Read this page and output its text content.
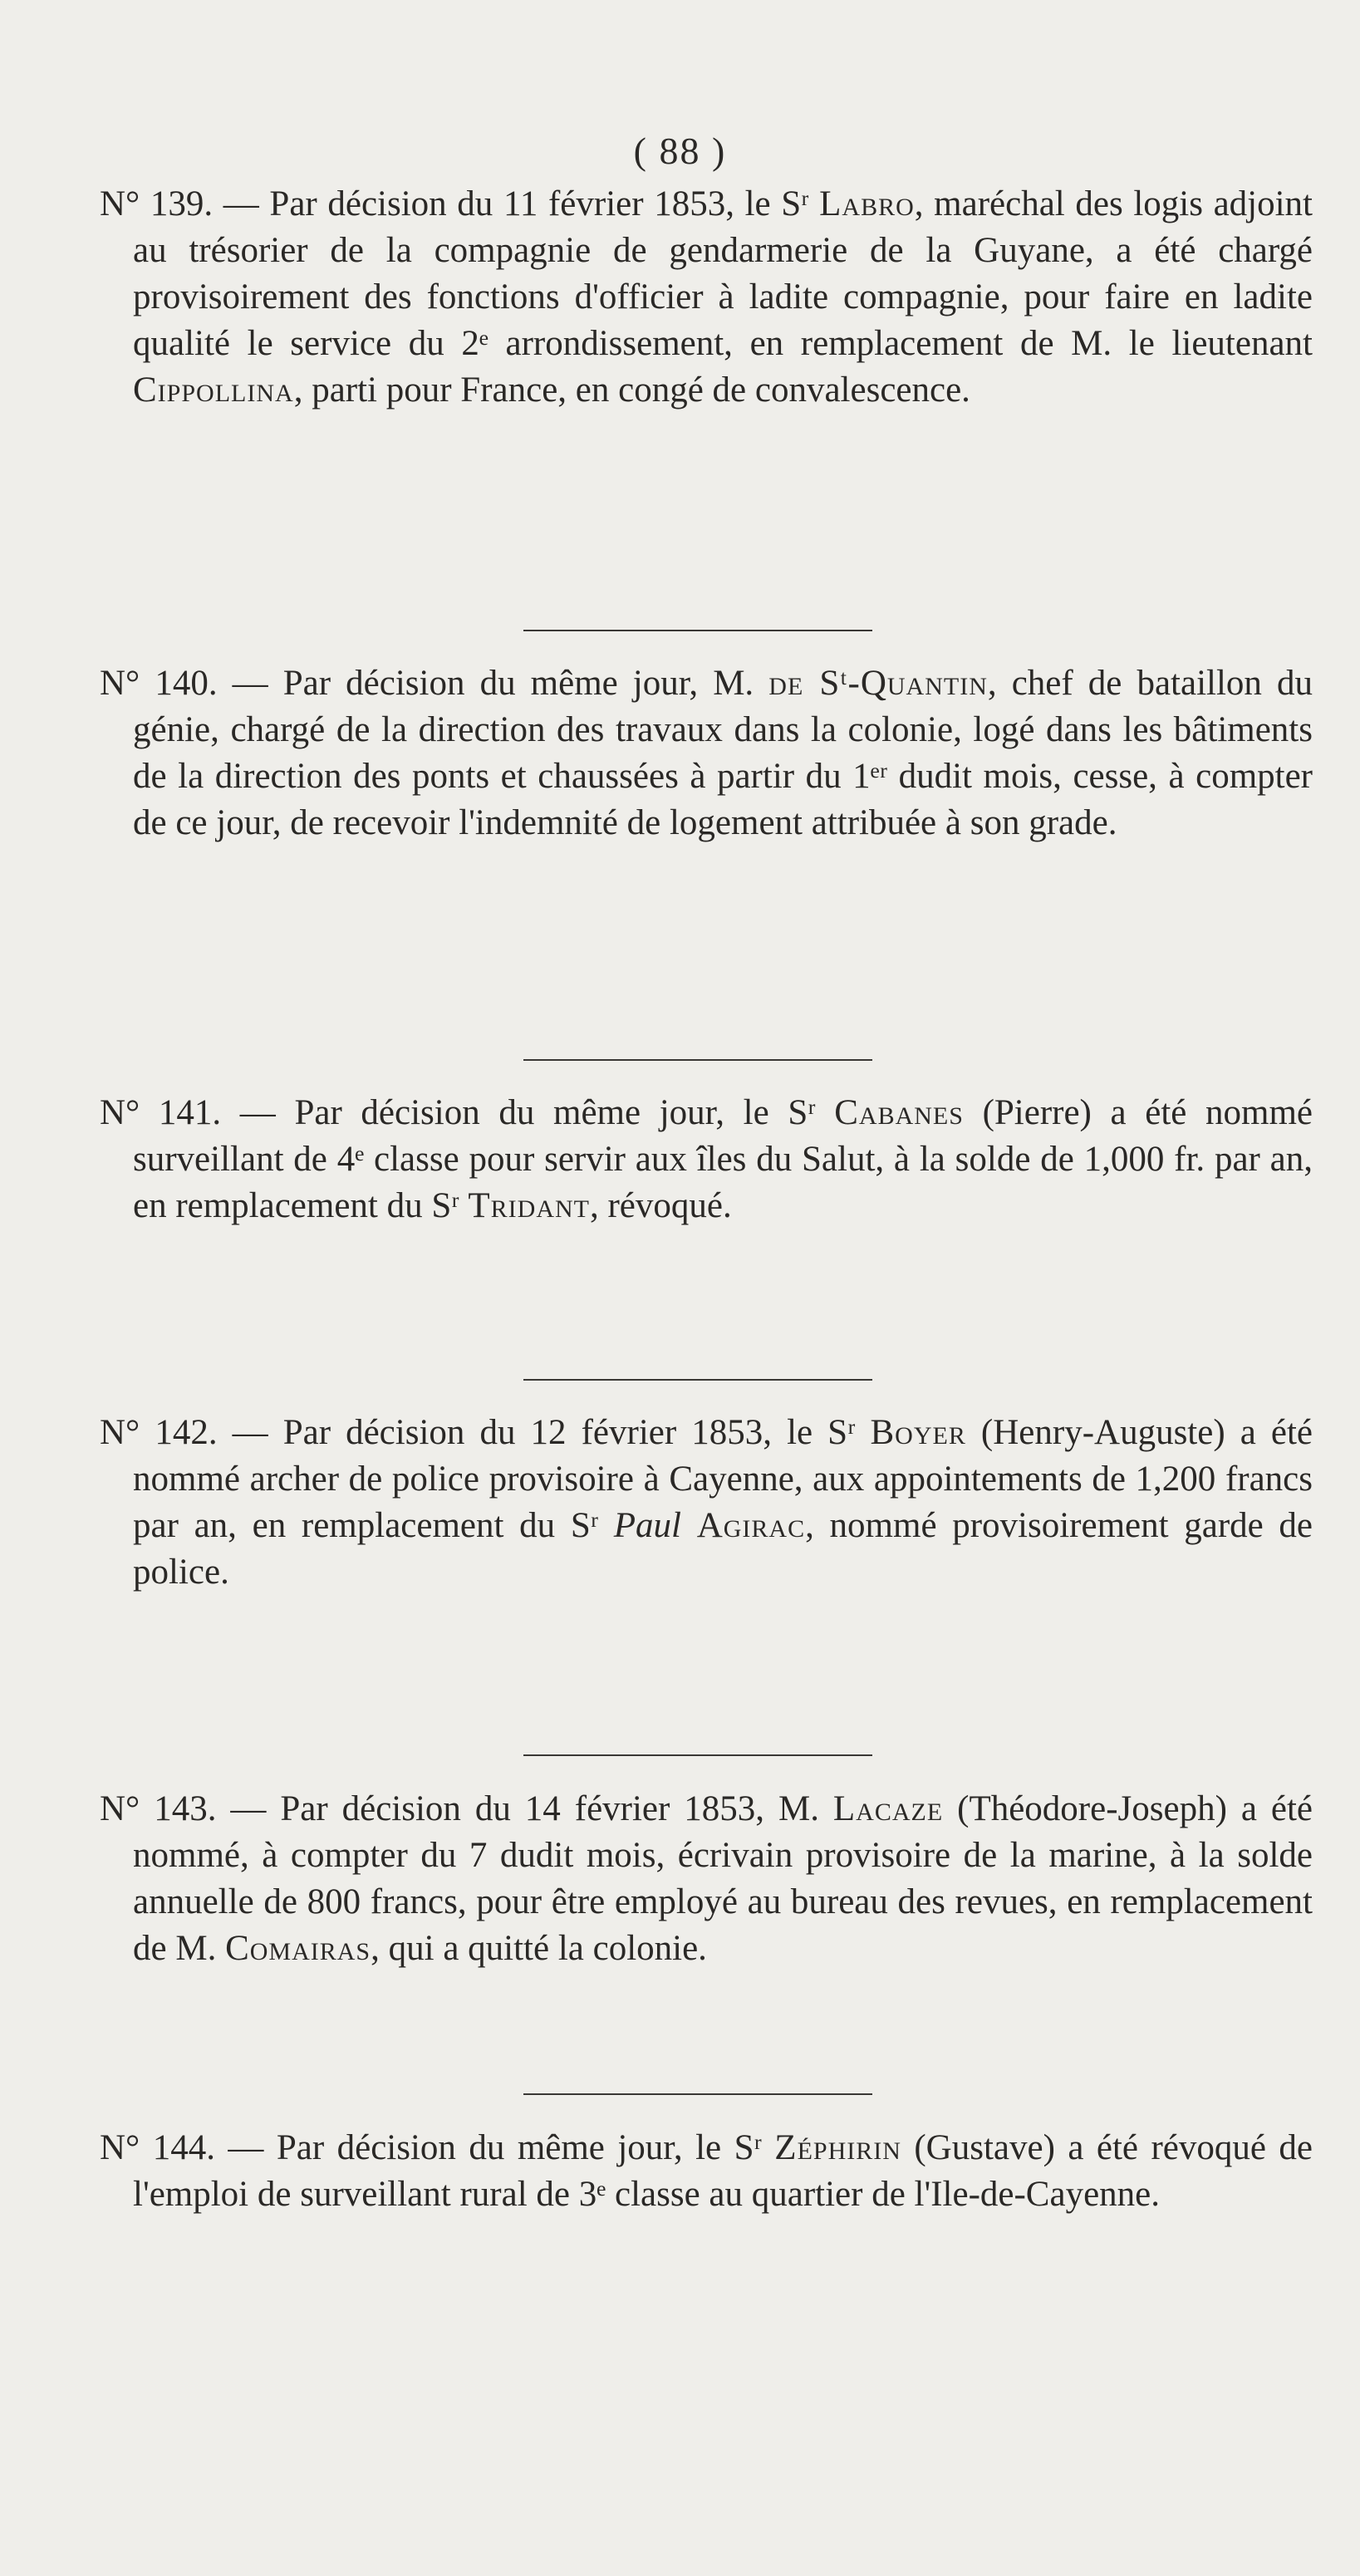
( 88 )

N° 139. — Par décision du 11 février 1853, le Sʳ Labro, maréchal des logis adjoint au trésorier de la compagnie de gendarmerie de la Guyane, a été chargé provisoirement des fonctions d'officier à ladite compagnie, pour faire en ladite qualité le service du 2ᵉ arrondissement, en remplacement de M. le lieutenant Cippollina, parti pour France, en congé de convalescence.

N° 140. — Par décision du même jour, M. de Sᵗ-Quantin, chef de bataillon du génie, chargé de la direction des travaux dans la colonie, logé dans les bâtiments de la direction des ponts et chaussées à partir du 1ᵉʳ dudit mois, cesse, à compter de ce jour, de recevoir l'indemnité de logement attribuée à son grade.

N° 141. — Par décision du même jour, le Sʳ Cabanes (Pierre) a été nommé surveillant de 4ᵉ classe pour servir aux îles du Salut, à la solde de 1,000 fr. par an, en remplacement du Sʳ Tridant, révoqué.

N° 142. — Par décision du 12 février 1853, le Sʳ Boyer (Henry-Auguste) a été nommé archer de police provisoire à Cayenne, aux appointements de 1,200 francs par an, en remplacement du Sʳ Paul Agirac, nommé provisoirement garde de police.

N° 143. — Par décision du 14 février 1853, M. Lacaze (Théodore-Joseph) a été nommé, à compter du 7 dudit mois, écrivain provisoire de la marine, à la solde annuelle de 800 francs, pour être employé au bureau des revues, en remplacement de M. Comairas, qui a quitté la colonie.

N° 144. — Par décision du même jour, le Sʳ Zéphirin (Gustave) a été révoqué de l'emploi de surveillant rural de 3ᵉ classe au quartier de l'Ile-de-Cayenne.
